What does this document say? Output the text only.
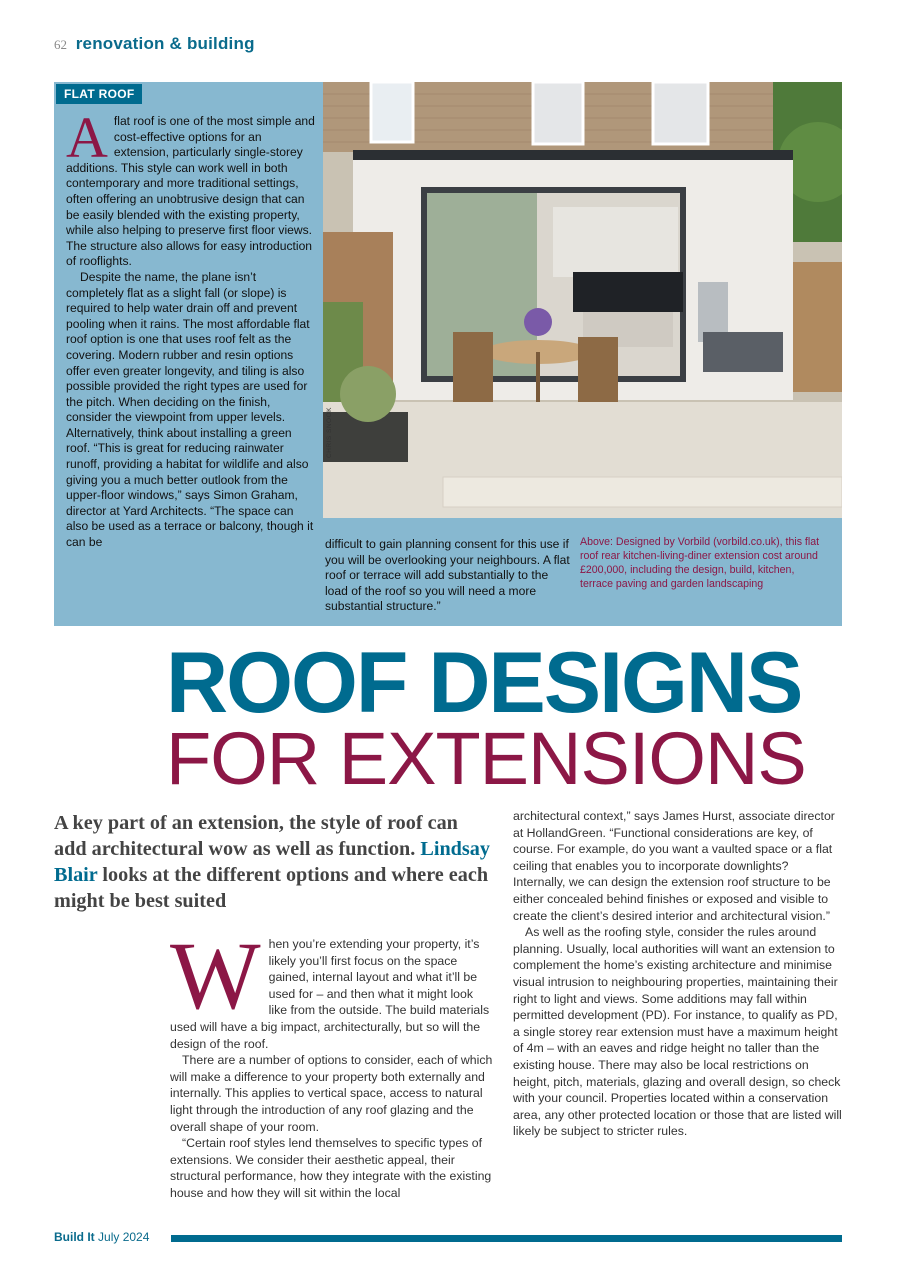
62 renovation & building
FLAT ROOF

Aflat roof is one of the most simple and cost-effective options for an extension, particularly single-storey additions. This style can work well in both contemporary and more traditional settings, often offering an unobtrusive design that can be easily blended with the existing property, while also helping to preserve first floor views. The structure also allows for easy introduction of rooflights.

Despite the name, the plane isn’t completely flat as a slight fall (or slope) is required to help water drain off and prevent pooling when it rains. The most affordable flat roof option is one that uses roof felt as the covering. Modern rubber and resin options offer even greater longevity, and tiling is also possible provided the right types are used for the pitch. When deciding on the finish, consider the viewpoint from upper levels. Alternatively, think about installing a green roof. “This is great for reducing rainwater runoff, providing a habitat for wildlife and also giving you a much better outlook from the upper-floor windows,” says Simon Graham, director at Yard Architects. “The space can also be used as a terrace or balcony, though it can be

CHRIS SNOOK
difficult to gain planning consent for this use if you will be overlooking your neighbours. A flat roof or terrace will add substantially to the load of the roof so you will need a more substantial structure.”
Above: Designed by Vorbild (vorbild.co.uk), this flat roof rear kitchen-living-diner extension cost around £200,000, including the design, build, kitchen, terrace paving and garden landscaping
ROOF DESIGNS
FOR EXTENSIONS
A key part of an extension, the style of roof can add architectural wow as well as function. Lindsay Blair looks at the different options and where each might be best suited

When you’re extending your property, it’s likely you’ll first focus on the space gained, internal layout and what it’ll be used for – and then what it might look like from the outside. The build materials used will have a big impact, architecturally, but so will the design of the roof.

There are a number of options to consider, each of which will make a difference to your property both externally and internally. This applies to vertical space, access to natural light through the introduction of any roof glazing and the overall shape of your room.

“Certain roof styles lend themselves to specific types of extensions. We consider their aesthetic appeal, their structural performance, how they integrate with the existing house and how they will sit within the local

architectural context,” says James Hurst, associate director at HollandGreen. “Functional considerations are key, of course. For example, do you want a vaulted space or a flat ceiling that enables you to incorporate downlights? Internally, we can design the extension roof structure to be either concealed behind finishes or exposed and visible to create the client’s desired interior and architectural vision.”

As well as the roofing style, consider the rules around planning. Usually, local authorities will want an extension to complement the home’s existing architecture and minimise visual intrusion to neighbouring properties, maintaining their right to light and views. Some additions may fall within permitted development (PD). For instance, to qualify as PD, a single storey rear extension must have a maximum height of 4m – with an eaves and ridge height no taller than the existing house. There may also be local restrictions on height, pitch, materials, glazing and overall design, so check with your council. Properties located within a conservation area, any other protected location or those that are listed will likely be subject to stricter rules.

Build It July 2024
